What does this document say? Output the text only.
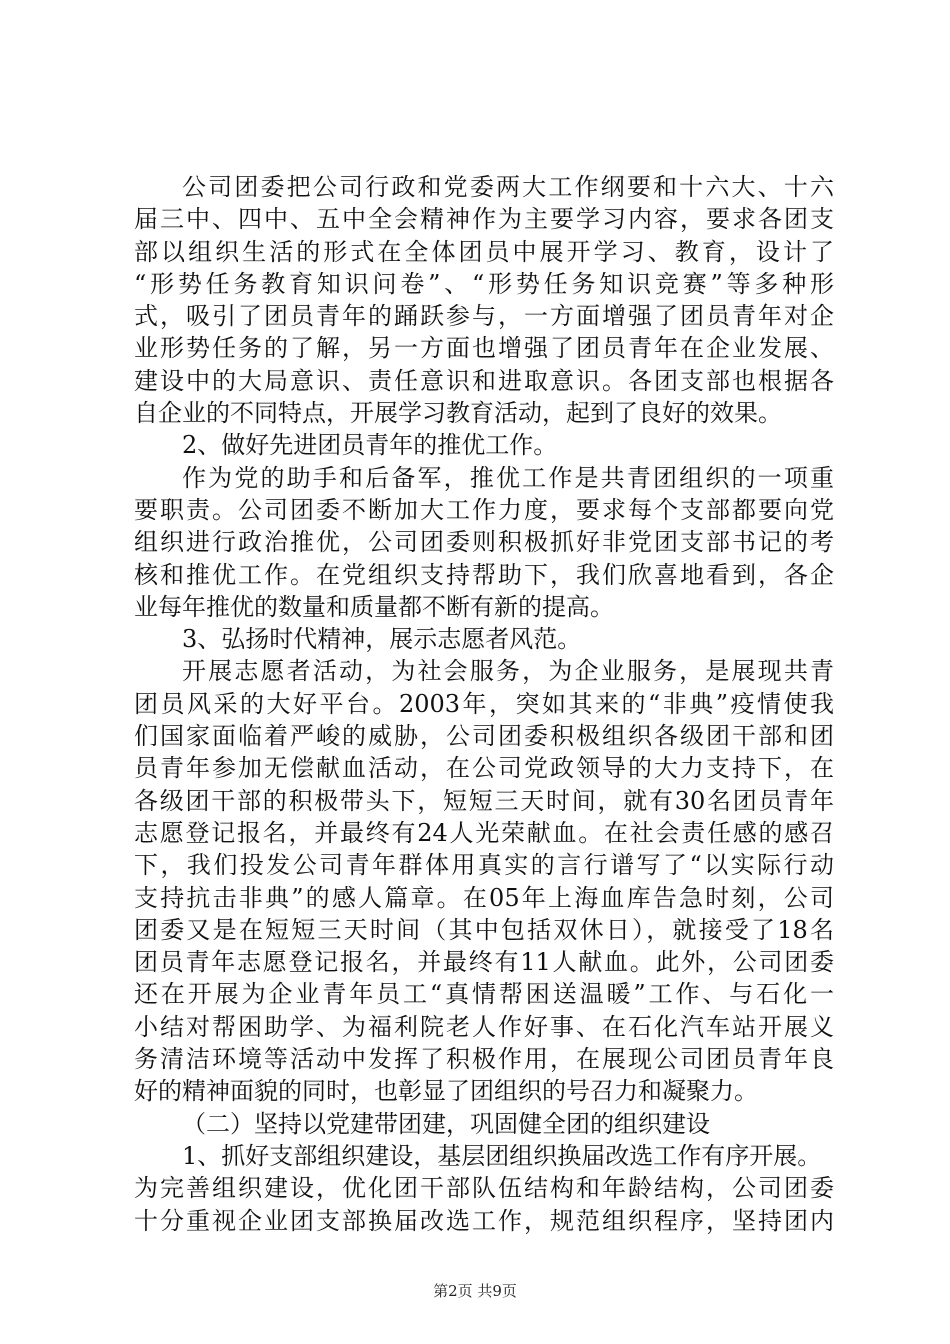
公司团委把公司行政和党委两大工作纲要和十六大、十六
届三中、四中、五中全会精神作为主要学习内容，要求各团支
部以组织生活的形式在全体团员中展开学习、教育，设计了
“形势任务教育知识问卷”、“形势任务知识竞赛”等多种形
式，吸引了团员青年的踊跃参与，一方面增强了团员青年对企
业形势任务的了解，另一方面也增强了团员青年在企业发展、
建设中的大局意识、责任意识和进取意识。各团支部也根据各
自企业的不同特点，开展学习教育活动，起到了良好的效果。
2、做好先进团员青年的推优工作。
作为党的助手和后备军，推优工作是共青团组织的一项重
要职责。公司团委不断加大工作力度，要求每个支部都要向党
组织进行政治推优，公司团委则积极抓好非党团支部书记的考
核和推优工作。在党组织支持帮助下，我们欣喜地看到，各企
业每年推优的数量和质量都不断有新的提高。
3、弘扬时代精神，展示志愿者风范。
开展志愿者活动，为社会服务，为企业服务，是展现共青
团员风采的大好平台。2003年，突如其来的“非典”疫情使我
们国家面临着严峻的威胁，公司团委积极组织各级团干部和团
员青年参加无偿献血活动，在公司党政领导的大力支持下，在
各级团干部的积极带头下，短短三天时间，就有30名团员青年
志愿登记报名，并最终有24人光荣献血。在社会责任感的感召
下，我们投发公司青年群体用真实的言行谱写了“以实际行动
支持抗击非典”的感人篇章。在05年上海血库告急时刻，公司
团委又是在短短三天时间（其中包括双休日），就接受了18名
团员青年志愿登记报名，并最终有11人献血。此外，公司团委
还在开展为企业青年员工“真情帮困送温暖”工作、与石化一
小结对帮困助学、为福利院老人作好事、在石化汽车站开展义
务清洁环境等活动中发挥了积极作用，在展现公司团员青年良
好的精神面貌的同时，也彰显了团组织的号召力和凝聚力。
（二）坚持以党建带团建，巩固健全团的组织建设
1、抓好支部组织建设，基层团组织换届改选工作有序开展。
为完善组织建设，优化团干部队伍结构和年龄结构，公司团委
十分重视企业团支部换届改选工作，规范组织程序，坚持团内
第2页 共9页
